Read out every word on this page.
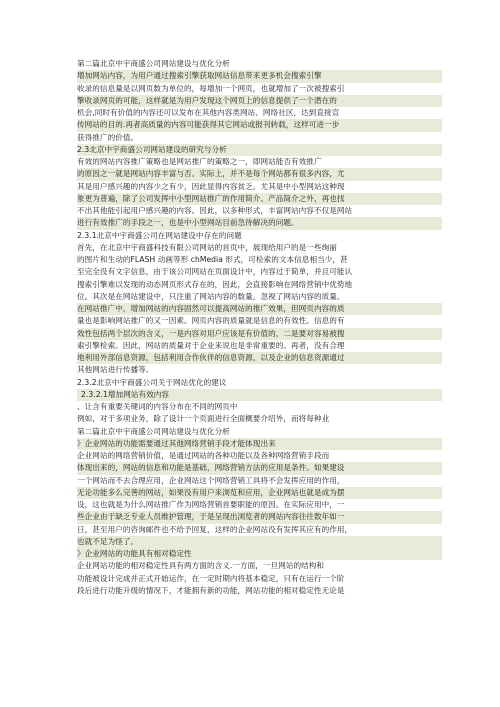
第二篇北京中宇商盛公司网站建设与优化分析
增加网站内容，为用户通过搜索引擎获取网站信息带来更多机会搜索引擎
收录的信息量是以网页数为单位的，每增加一个网页，也就增加了一次被搜索引
擎收录网页的可能，这样就是为用户发现这个网页上的信息提供了一个潜在的
机会,同时有价值的内容还可以发布在其他内容类网站、网络社区，达到直接宣
传网站的目的.再者高质量的内容可能获得其它网站或报刊转载，这样可进一步
获得推广的价值。
2.3北京中宇商盛公司网站建设的研究与分析
有效的网站内容推广策略也是网站推广的策略之一，即网站能否有效推广
的原因之一就是网站内容丰富与否。实际上，并不是每个网站都有很多内容，尤
其是用户感兴趣的内容少之有少，因此显得内容贫乏。尤其是中小型网站这种现
象更为普遍，除了公司发挥中小型网站推广的作用简介、产品简介之外，再也找
不出其他能引起用户感兴趣的内容。因此，以多种形式，丰富网站内容不仅是网站
进行有效推广的手段之一，也是中小型网站目前急待解决的问题。
2.3.1北京中宇商盛公司在网站建设中存在的问题
首先，在北京中宇商盛科技有限公司网站的首页中，展现给用户的是一些绚丽
的图片和生动的FLASH 动画等形 chMedia 形式，可检索的文本信息相当少，甚
至完全没有文字信息，由于该公司网站在页面设计中，内容过于简单，并且可能认
搜索引擎难以发现的动态网页形式存在的，因此，会直接影响在网络营销中优势地
位。其次是在网站建设中，只注重了网站内容的数量，忽视了网站内容的质量。
在网站推广中，增加网站的内容固然可以提高网站的推广效果，但网页内容的质
量也是影响网站推广的又一因素。网页内容的质量就是信息的有效性。信息的有
效性包括两个层次的含义，一是内容对用户应该是有价值的，二是要对容易被搜
索引擎检索。因此，网站的质量对于企业来说也是非常重要的。再者，没有合理
地利用外部信息资源，包括利用合作伙伴的信息资源，以及企业的信息资源通过
其他网站进行传播等。
2.3.2北京中宇商盛公司关于网站优化的建议
2.3.2.1增加网站有效内容
、让含有重要关键词的内容分布在不同的网页中
例如，对于多项业务，除了设计一个页面进行全面概要介绍外，而将每种业
第二篇北京中宇商盛公司网站建设与优化分析
》企业网站的功能需要通过其他网络营销手段才能体现出来
企业网站的网络营销价值，是通过网站的各种功能以及各种网络营销手段而
体现出来的，网站的信息和功能是基础，网络营销方法的应用是条件。如果建设
一个网站而不去合理应用，企业网站这个网络营销工具将不会发挥应用的作用，
无论功能多么完善的网站，如果没有用户来浏览和应用，企业网站也就是成为摆
设，这也就是为什么网站推广作为网络营销首要职能的原因。在实际应用中，一
些企业由于缺乏专业人员维护管理，于是呈现出浏览者的网站内容往往数年如一
日，甚至用户的咨询邮件也不给予回复，这样的企业网站没有发挥其应有的作用，
也就不足为怪了。
》企业网站的功能具有相对稳定性
企业网站功能的相对稳定性具有两方面的含义.一方面，一旦网站的结构和
功能被设计完成并正式开始运作，在一定时期内将基本稳定，只有在运行一个阶
段后进行功能升级的情况下，才能拥有新的功能，网站功能的相对稳定性无论是
